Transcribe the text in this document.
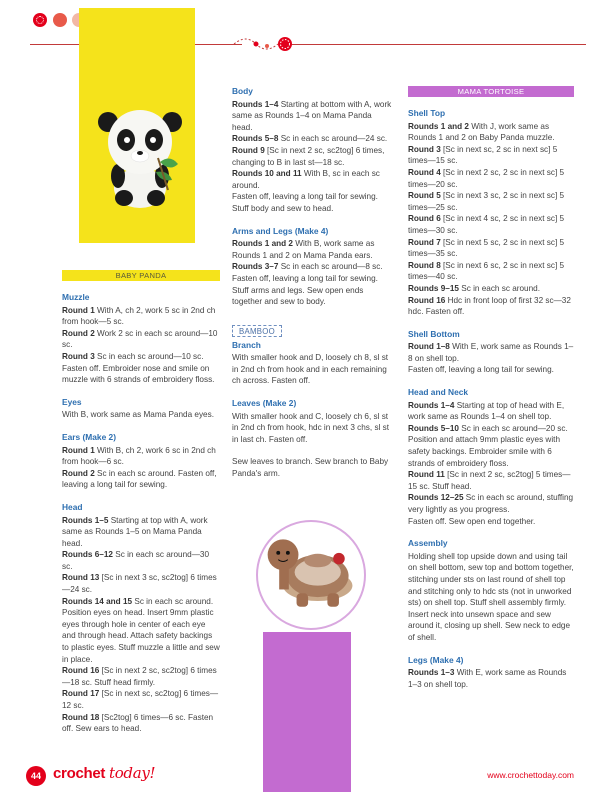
BABY PANDA
Muzzle
Round 1 With A, ch 2, work 5 sc in 2nd ch from hook—5 sc.
Round 2 Work 2 sc in each sc around—10 sc.
Round 3 Sc in each sc around—10 sc. Fasten off. Embroider nose and smile on muzzle with 6 strands of embroidery floss.
Eyes
With B, work same as Mama Panda eyes.
Ears (Make 2)
Round 1 With B, ch 2, work 6 sc in 2nd ch from hook—6 sc.
Round 2 Sc in each sc around. Fasten off, leaving a long tail for sewing.
Head
Rounds 1–5 Starting at top with A, work same as Rounds 1–5 on Mama Panda head.
Rounds 6–12 Sc in each sc around—30 sc.
Round 13 [Sc in next 3 sc, sc2tog] 6 times—24 sc.
Rounds 14 and 15 Sc in each sc around. Position eyes on head. Insert 9mm plastic eyes through hole in center of each eye and through head. Attach safety backings to plastic eyes. Stuff muzzle a little and sew in place.
Round 16 [Sc in next 2 sc, sc2tog] 6 times—18 sc. Stuff head firmly.
Round 17 [Sc in next sc, sc2tog] 6 times—12 sc.
Round 18 [Sc2tog] 6 times—6 sc. Fasten off. Sew ears to head.
Body
Rounds 1–4 Starting at bottom with A, work same as Rounds 1–4 on Mama Panda head.
Rounds 5–8 Sc in each sc around—24 sc.
Round 9 [Sc in next 2 sc, sc2tog] 6 times, changing to B in last st—18 sc.
Rounds 10 and 11 With B, sc in each sc around.
Fasten off, leaving a long tail for sewing. Stuff body and sew to head.
Arms and Legs (Make 4)
Rounds 1 and 2 With B, work same as Rounds 1 and 2 on Mama Panda ears.
Rounds 3–7 Sc in each sc around—8 sc. Fasten off, leaving a long tail for sewing. Stuff arms and legs. Sew open ends together and sew to body.
BAMBOO
Branch
With smaller hook and D, loosely ch 8, sl st in 2nd ch from hook and in each remaining ch across. Fasten off.
Leaves (Make 2)
With smaller hook and C, loosely ch 6, sl st in 2nd ch from hook, hdc in next 3 chs, sl st in last ch. Fasten off.
Sew leaves to branch. Sew branch to Baby Panda's arm.
MAMA TORTOISE
Shell Top
Rounds 1 and 2 With J, work same as Rounds 1 and 2 on Baby Panda muzzle.
Round 3 [Sc in next sc, 2 sc in next sc] 5 times—15 sc.
Round 4 [Sc in next 2 sc, 2 sc in next sc] 5 times—20 sc.
Round 5 [Sc in next 3 sc, 2 sc in next sc] 5 times—25 sc.
Round 6 [Sc in next 4 sc, 2 sc in next sc] 5 times—30 sc.
Round 7 [Sc in next 5 sc, 2 sc in next sc] 5 times—35 sc.
Round 8 [Sc in next 6 sc, 2 sc in next sc] 5 times—40 sc.
Rounds 9–15 Sc in each sc around.
Round 16 Hdc in front loop of first 32 sc—32 hdc. Fasten off.
Shell Bottom
Round 1–8 With E, work same as Rounds 1–8 on shell top.
Fasten off, leaving a long tail for sewing.
Head and Neck
Rounds 1–4 Starting at top of head with E, work same as Rounds 1–4 on shell top.
Rounds 5–10 Sc in each sc around—20 sc. Position and attach 9mm plastic eyes with safety backings. Embroider smile with 6 strands of embroidery floss.
Round 11 [Sc in next 2 sc, sc2tog] 5 times—15 sc. Stuff head.
Rounds 12–25 Sc in each sc around, stuffing very lightly as you progress.
Fasten off. Sew open end together.
Assembly
Holding shell top upside down and using tail on shell bottom, sew top and bottom together, stitching under sts on last round of shell top and stitching only to hdc sts (not in unworked sts) on shell top. Stuff shell assembly firmly. Insert neck into unsewn space and sew around it, closing up shell. Sew neck to edge of shell.
Legs (Make 4)
Rounds 1–3 With E, work same as Rounds 1–3 on shell top.
44 crochet today!	www.crochettoday.com
